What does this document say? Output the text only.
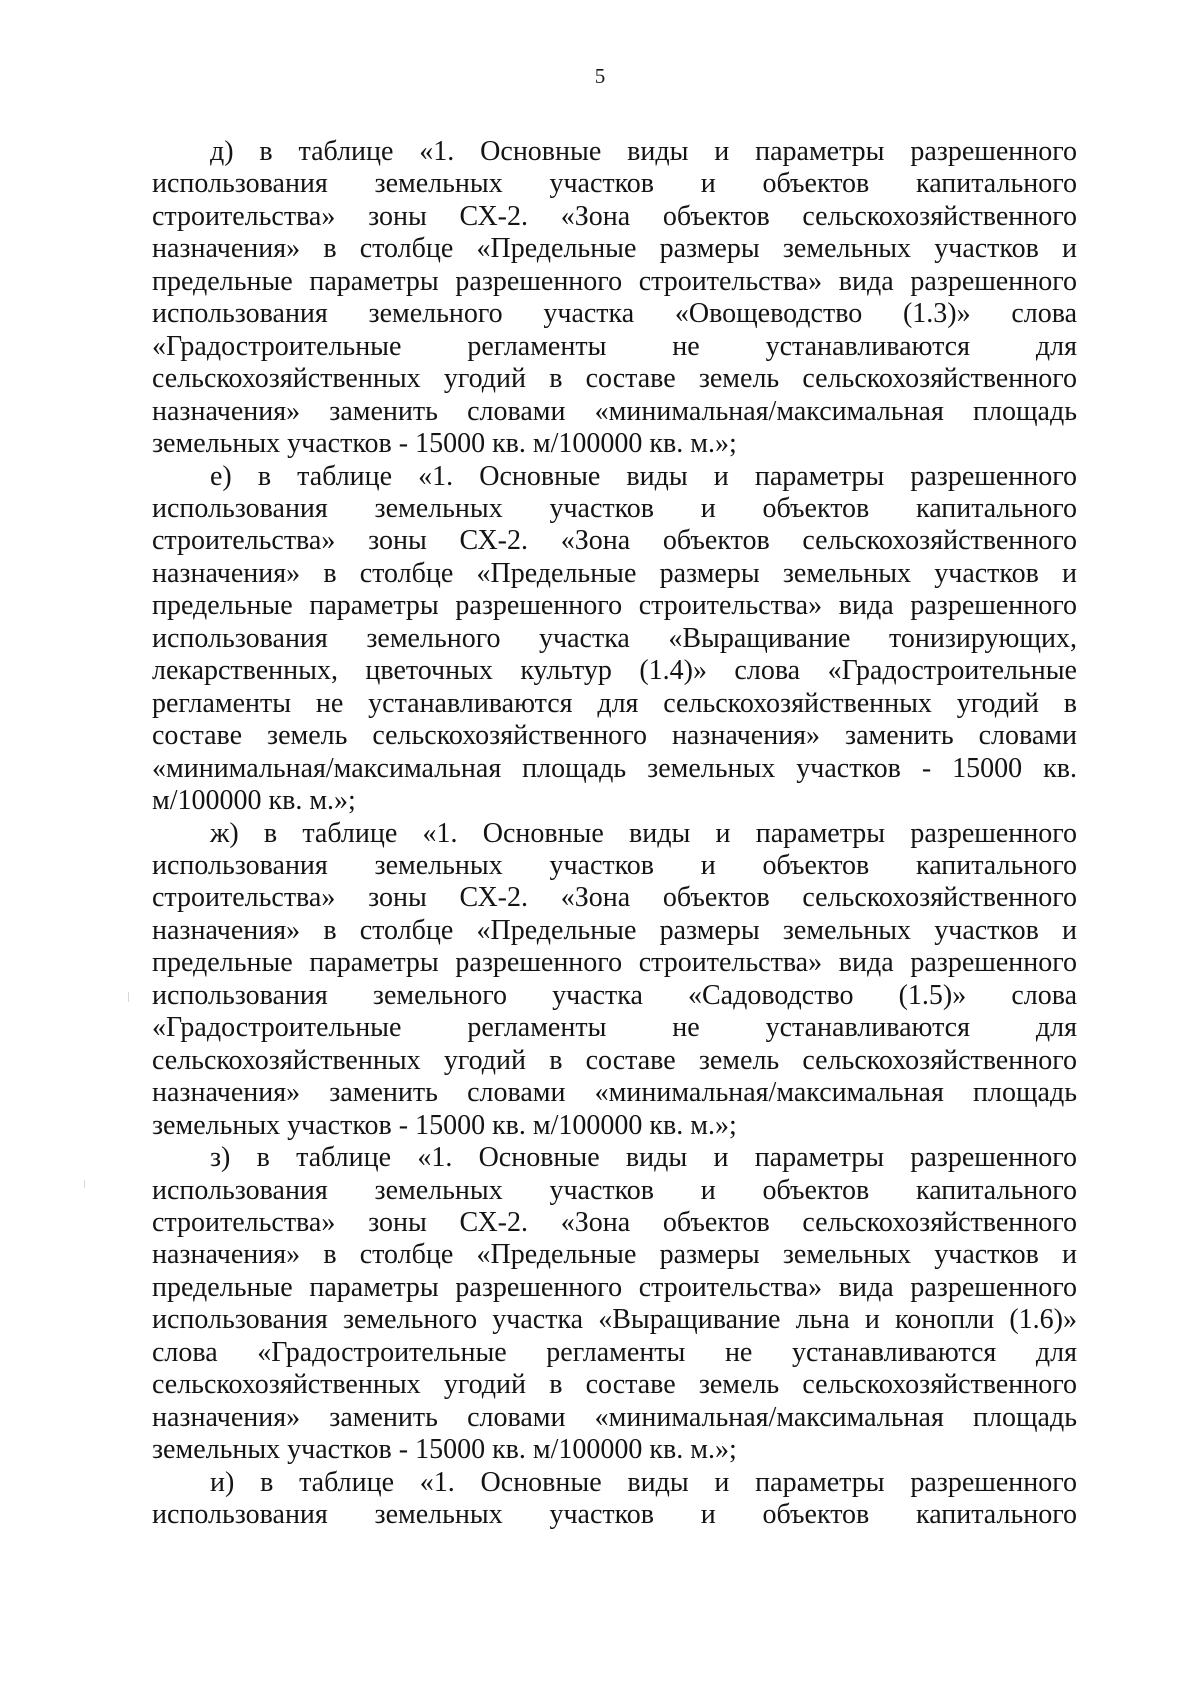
5

д) в таблице «1. Основные виды и параметры разрешенного
использования земельных участков и объектов капитального
строительства» зоны СХ-2. «Зона объектов сельскохозяйственного
назначения» в столбце «Предельные размеры земельных участков и
предельные параметры разрешенного строительства» вида разрешенного
использования земельного участка «Овощеводство (1.3)» слова
«Градостроительные регламенты не устанавливаются для
сельскохозяйственных угодий в составе земель сельскохозяйственного
назначения» заменить словами «минимальная/максимальная площадь
земельных участков - 15000 кв. м/100000 кв. м.»;

е) в таблице «1. Основные виды и параметры разрешенного
использования земельных участков и объектов капитального
строительства» зоны СХ-2. «Зона объектов сельскохозяйственного
назначения» в столбце «Предельные размеры земельных участков и
предельные параметры разрешенного строительства» вида разрешенного
использования земельного участка «Выращивание тонизирующих,
лекарственных, цветочных культур (1.4)» слова «Градостроительные
регламенты не устанавливаются для сельскохозяйственных угодий в
составе земель сельскохозяйственного назначения» заменить словами
«минимальная/максимальная площадь земельных участков - 15000 кв.
м/100000 кв. м.»;

ж) в таблице «1. Основные виды и параметры разрешенного
использования земельных участков и объектов капитального
строительства» зоны СХ-2. «Зона объектов сельскохозяйственного
назначения» в столбце «Предельные размеры земельных участков и
предельные параметры разрешенного строительства» вида разрешенного
использования земельного участка «Садоводство (1.5)» слова
«Градостроительные регламенты не устанавливаются для
сельскохозяйственных угодий в составе земель сельскохозяйственного
назначения» заменить словами «минимальная/максимальная площадь
земельных участков - 15000 кв. м/100000 кв. м.»;

з) в таблице «1. Основные виды и параметры разрешенного
использования земельных участков и объектов капитального
строительства» зоны СХ-2. «Зона объектов сельскохозяйственного
назначения» в столбце «Предельные размеры земельных участков и
предельные параметры разрешенного строительства» вида разрешенного
использования земельного участка «Выращивание льна и конопли (1.6)»
слова «Градостроительные регламенты не устанавливаются для
сельскохозяйственных угодий в составе земель сельскохозяйственного
назначения» заменить словами «минимальная/максимальная площадь
земельных участков - 15000 кв. м/100000 кв. м.»;

и) в таблице «1. Основные виды и параметры разрешенного
использования земельных участков и объектов капитального
